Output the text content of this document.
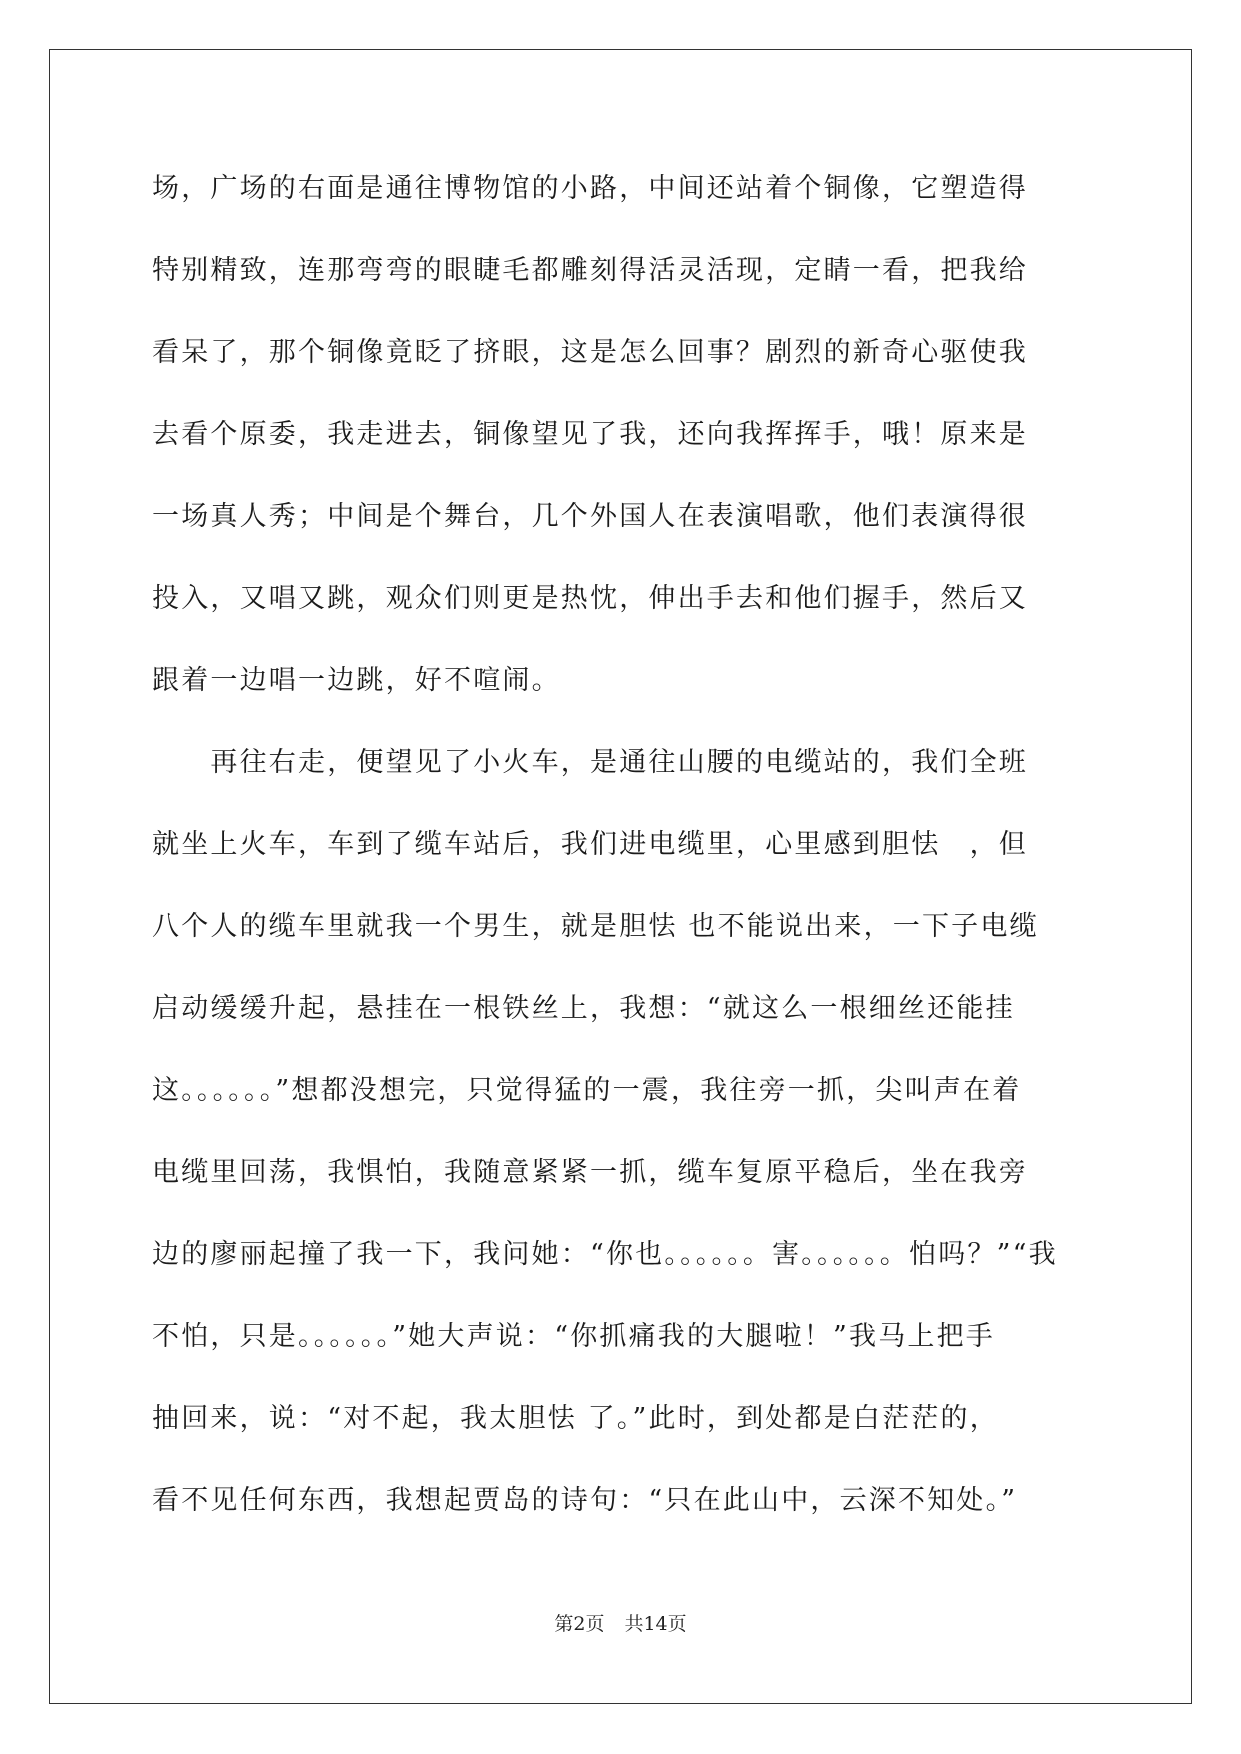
场，广场的右面是通往博物馆的小路，中间还站着个铜像，它塑造得
特别精致，连那弯弯的眼睫毛都雕刻得活灵活现，定睛一看，把我给
看呆了，那个铜像竟眨了挤眼，这是怎么回事？剧烈的新奇心驱使我
去看个原委，我走进去，铜像望见了我，还向我挥挥手，哦！原来是
一场真人秀；中间是个舞台，几个外国人在表演唱歌，他们表演得很
投入，又唱又跳，观众们则更是热忱，伸出手去和他们握手，然后又
跟着一边唱一边跳，好不喧闹。
　　再往右走，便望见了小火车，是通往山腰的电缆站的，我们全班
就坐上火车，车到了缆车站后，我们进电缆里，心里感到胆怯　，但
八个人的缆车里就我一个男生，就是胆怯 也不能说出来，一下子电缆
启动缓缓升起，悬挂在一根铁丝上，我想：“就这么一根细丝还能挂
这。。。。。。”想都没想完，只觉得猛的一震，我往旁一抓，尖叫声在着
电缆里回荡，我惧怕，我随意紧紧一抓，缆车复原平稳后，坐在我旁
边的廖丽起撞了我一下，我问她：“你也。。。。。。害。。。。。。怕吗？”“我
不怕，只是。。。。。。”她大声说：“你抓痛我的大腿啦！”我马上把手
抽回来，说：“对不起，我太胆怯 了。”此时，到处都是白茫茫的，
看不见任何东西，我想起贾岛的诗句：“只在此山中，云深不知处。”
第2页 共14页
